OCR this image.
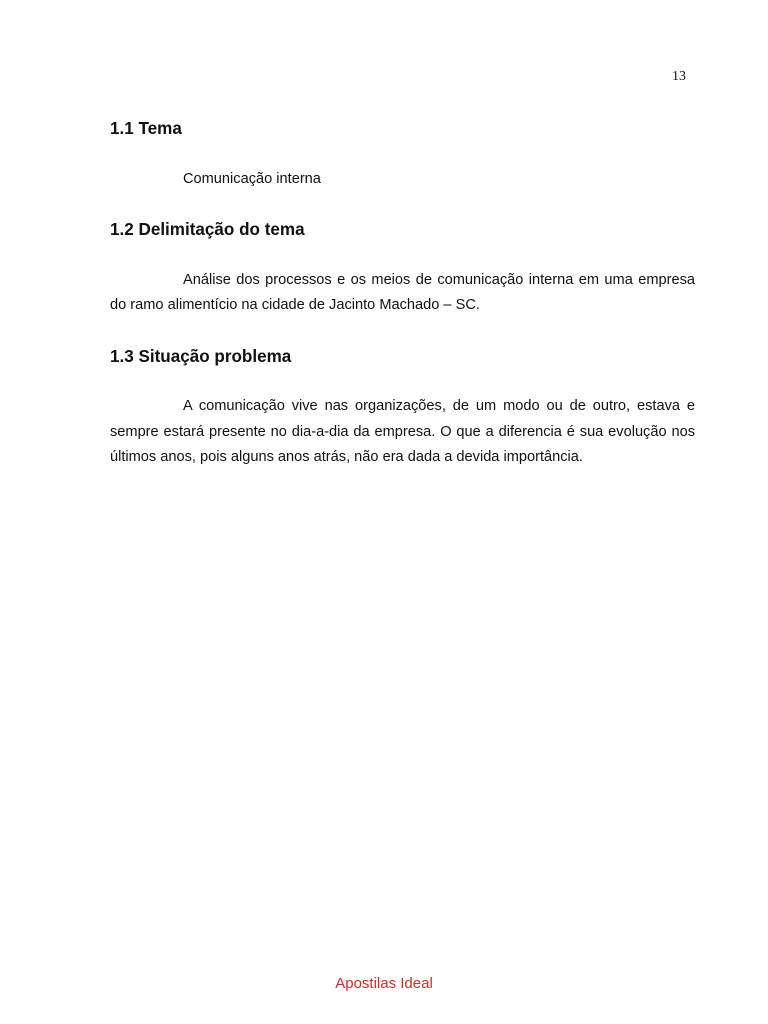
13
1.1 Tema

Comunicação interna

1.2 Delimitação do tema

Análise dos processos e os meios de comunicação interna em uma empresa do ramo alimentício na cidade de Jacinto Machado – SC.

1.3 Situação problema

A comunicação vive nas organizações, de um modo ou de outro, estava e sempre estará presente no dia-a-dia da empresa. O que a diferencia é sua evolução nos últimos anos, pois alguns anos atrás, não era dada a devida importância.

Apostilas Ideal
